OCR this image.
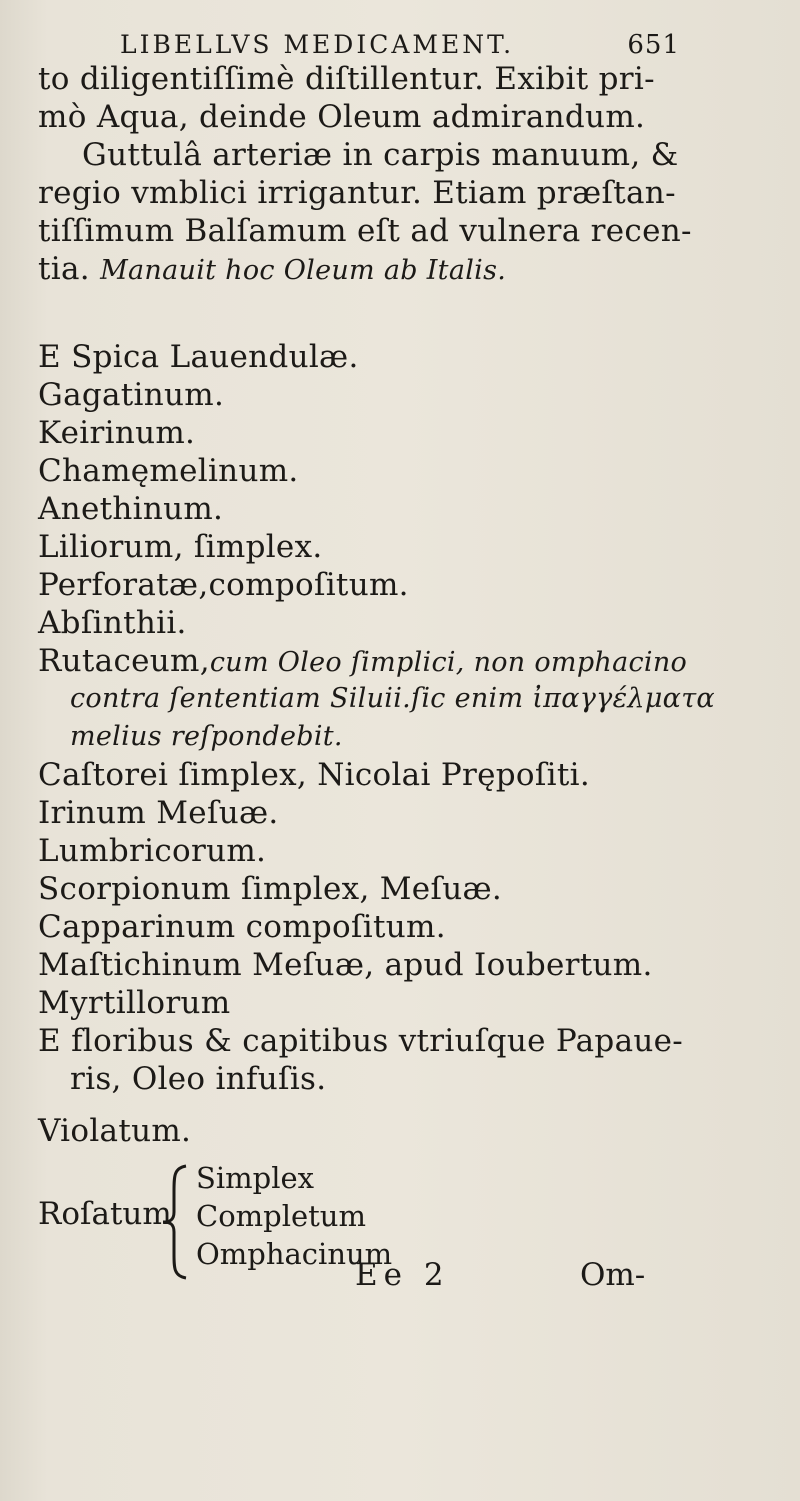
LIBELLVS MEDICAMENT.	651
to diligentiſſimè diſtillentur. Exibit pri-
mò Aqua, deinde Oleum admirandum.
Guttulâ arteriæ in carpis manuum, &
regio vmblici irrigantur. Etiam præſtan-
tiſſimum Balſamum eſt ad vulnera recen-
tia. Manauit hoc Oleum ab Italis.
E Spica Lauendulæ.
Gagatinum.
Keirinum.
Chamęmelinum.
Anethinum.
Liliorum, ſimplex.
Perforatæ,compoſitum.
Abſinthii.
Rutaceum,cum Oleo ſimplici, non omphacino
contra ſententiam Siluii.ſic enim ἰπαγγέλματα
melius reſpondebit.
Caſtorei ſimplex, Nicolai Prępoſiti.
Irinum Meſuæ.
Lumbricorum.
Scorpionum ſimplex, Meſuæ.
Capparinum compoſitum.
Maſtichinum Meſuæ, apud Ioubertum.
Myrtillorum
E floribus & capitibus vtriuſque Papaue-
ris, Oleo infuſis.
Violatum.
Roſatum
Simplex
Completum
Omphacinum
Ee 2	Om-
